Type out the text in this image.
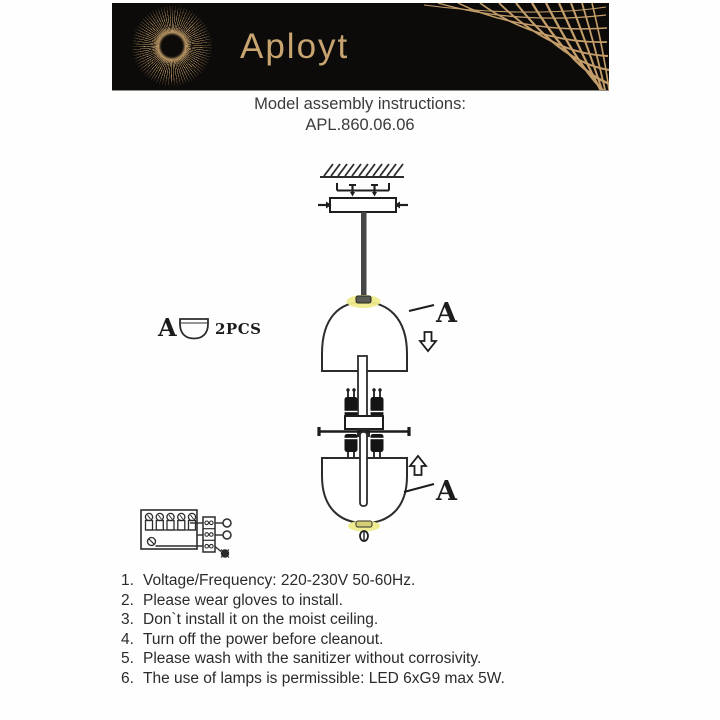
Aployt
Model assembly instructions:
APL.860.06.06
A
A
A	2PCS
1. Voltage/Frequency: 220-230V 50-60Hz.
2. Please wear gloves to install.
3. Don`t install it on the moist ceiling.
4. Turn off the power before cleanout.
5. Please wash with the sanitizer without corrosivity.
6. The use of lamps is permissible: LED 6xG9 max 5W.
